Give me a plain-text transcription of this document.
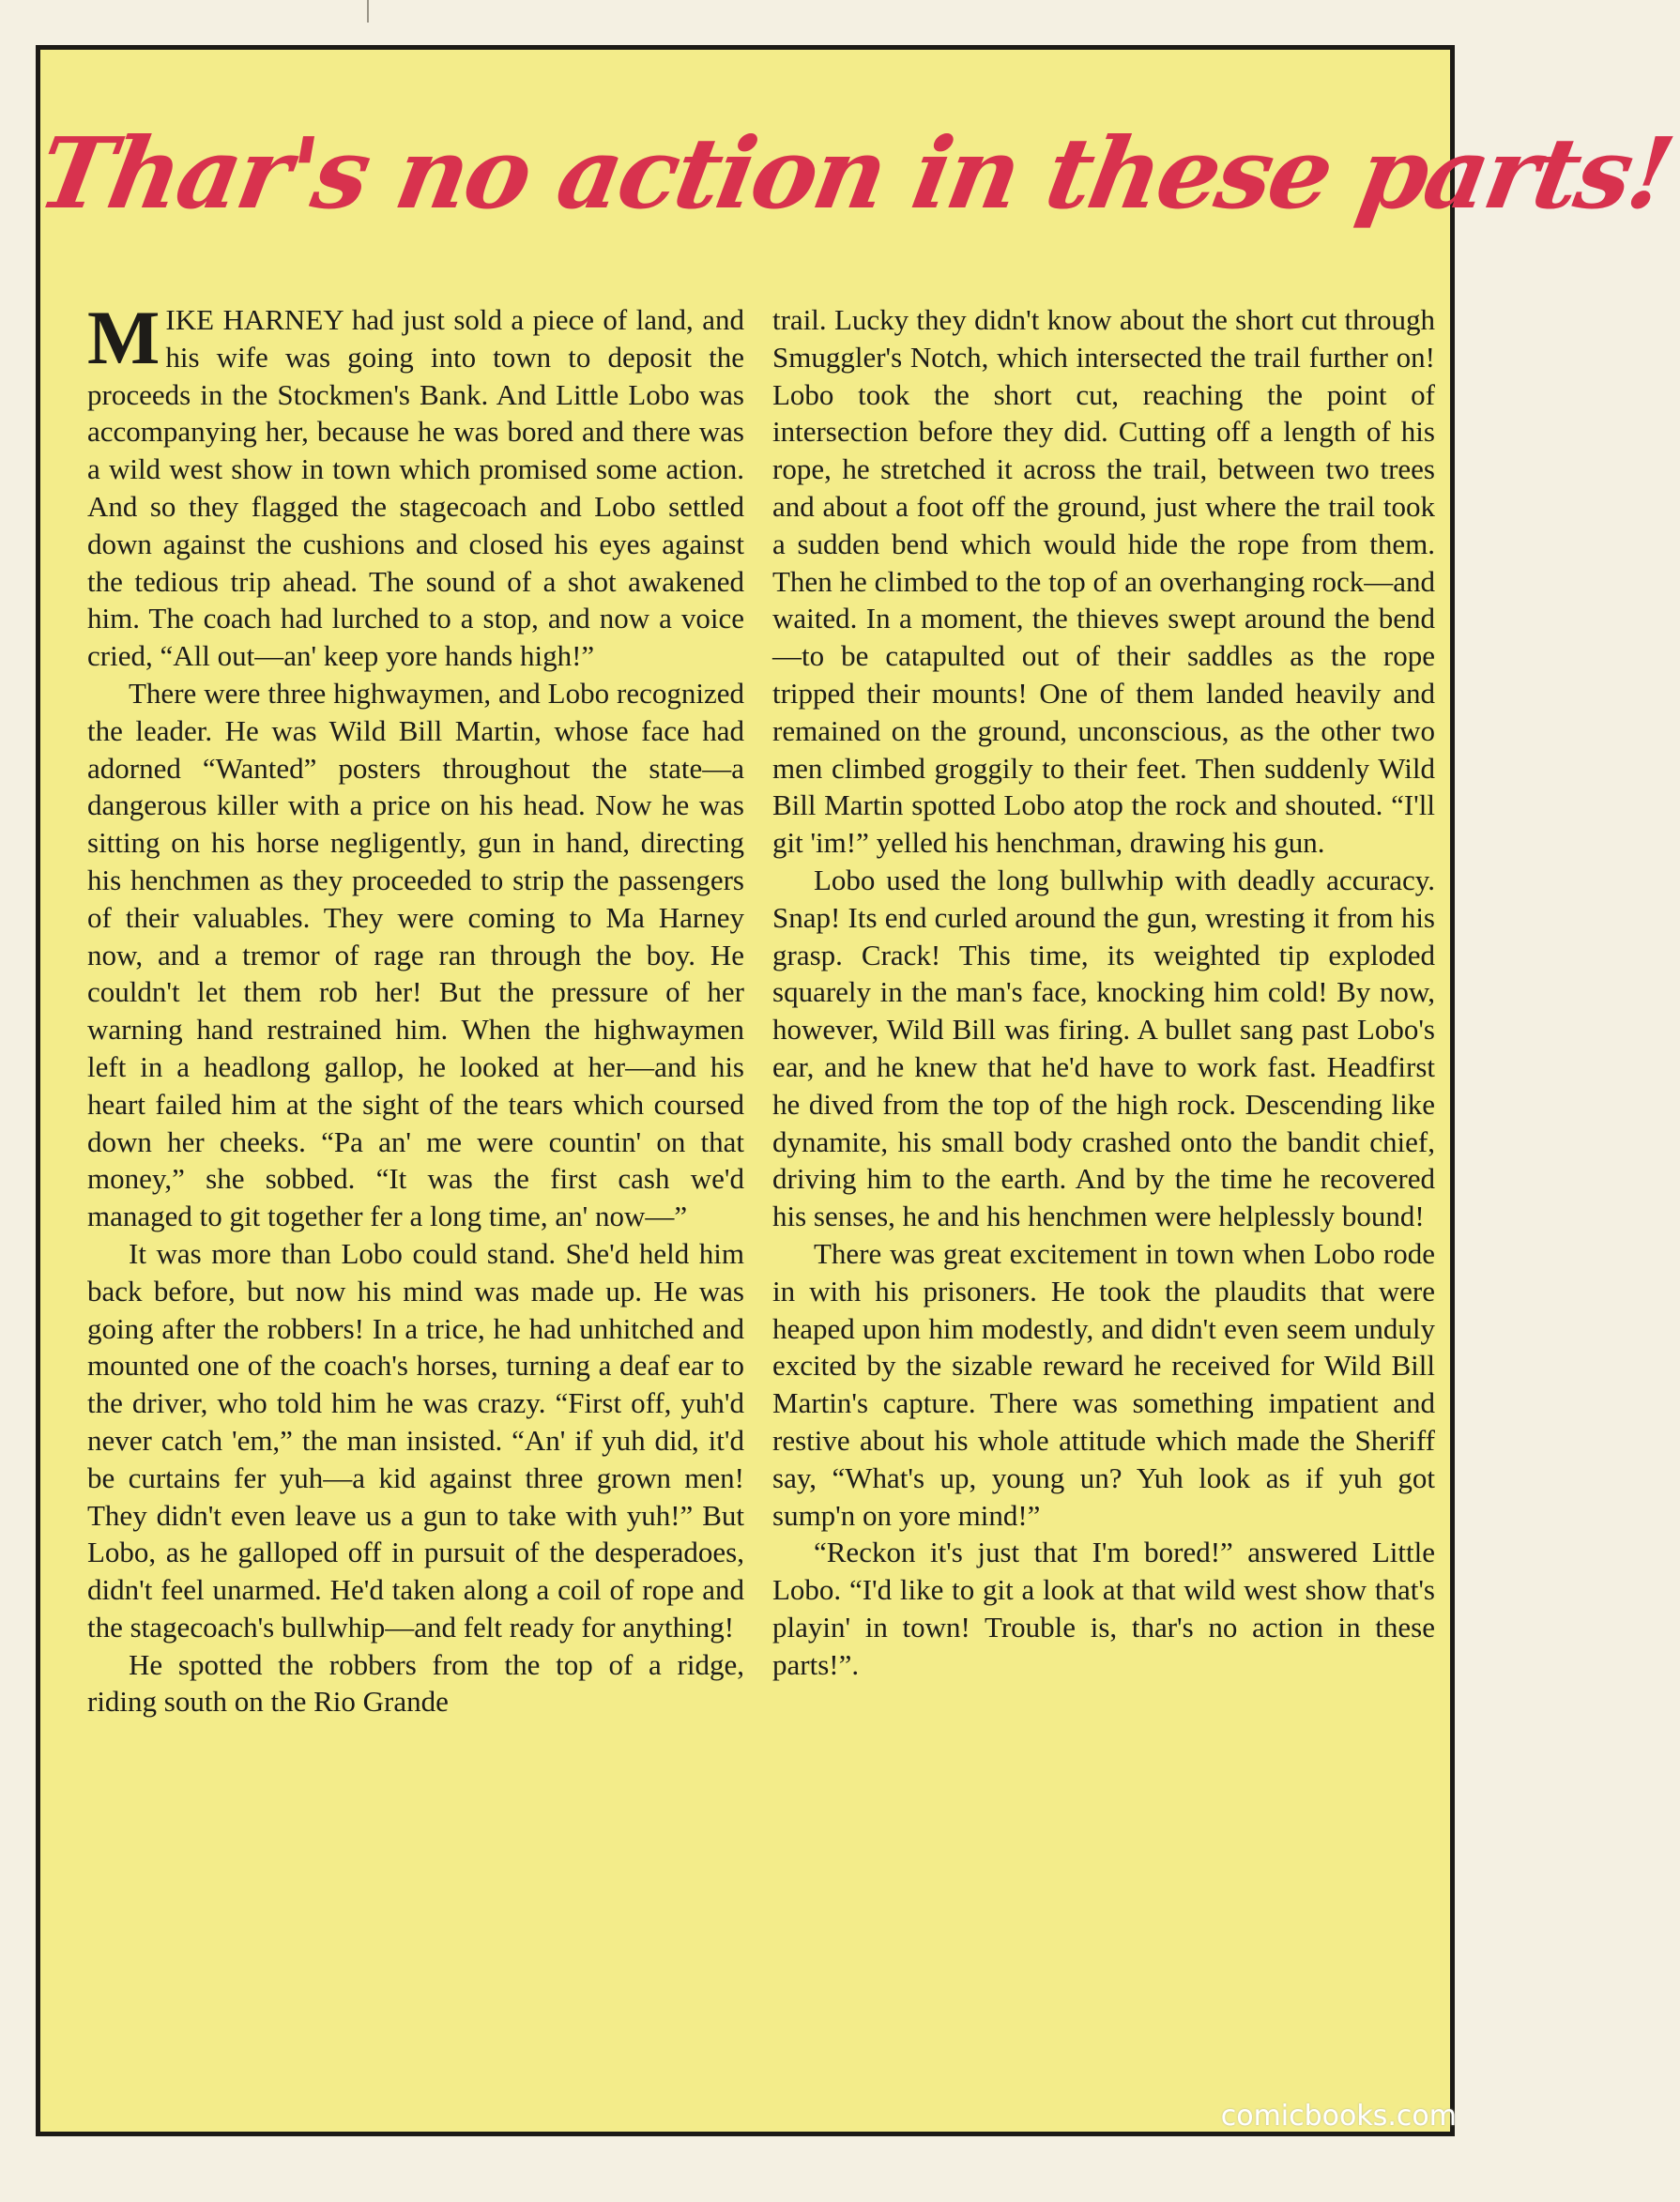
Thar's no action in these parts!

MIKE HARNEY had just sold a piece of land, and his wife was going into town to deposit the proceeds in the Stockmen's Bank. And Little Lobo was accompanying her, because he was bored and there was a wild west show in town which promised some action. And so they flagged the stagecoach and Lobo settled down against the cushions and closed his eyes against the tedious trip ahead. The sound of a shot awakened him. The coach had lurched to a stop, and now a voice cried, “All out—an' keep yore hands high!”

There were three highwaymen, and Lobo recognized the leader. He was Wild Bill Martin, whose face had adorned “Wanted” posters throughout the state—a dangerous killer with a price on his head. Now he was sitting on his horse negligently, gun in hand, directing his henchmen as they proceeded to strip the passengers of their valuables. They were coming to Ma Harney now, and a tremor of rage ran through the boy. He couldn't let them rob her! But the pressure of her warning hand restrained him. When the highwaymen left in a headlong gallop, he looked at her—and his heart failed him at the sight of the tears which coursed down her cheeks. “Pa an' me were countin' on that money,” she sobbed. “It was the first cash we'd managed to git together fer a long time, an' now—”

It was more than Lobo could stand. She'd held him back before, but now his mind was made up. He was going after the robbers! In a trice, he had unhitched and mounted one of the coach's horses, turning a deaf ear to the driver, who told him he was crazy. “First off, yuh'd never catch 'em,” the man insisted. “An' if yuh did, it'd be curtains fer yuh—a kid against three grown men! They didn't even leave us a gun to take with yuh!” But Lobo, as he galloped off in pursuit of the desperadoes, didn't feel unarmed. He'd taken along a coil of rope and the stagecoach's bullwhip—and felt ready for anything!

He spotted the robbers from the top of a ridge, riding south on the Rio Grande

trail. Lucky they didn't know about the short cut through Smuggler's Notch, which intersected the trail further on! Lobo took the short cut, reaching the point of intersection before they did. Cutting off a length of his rope, he stretched it across the trail, between two trees and about a foot off the ground, just where the trail took a sudden bend which would hide the rope from them. Then he climbed to the top of an overhanging rock—and waited. In a moment, the thieves swept around the bend—to be catapulted out of their saddles as the rope tripped their mounts! One of them landed heavily and remained on the ground, unconscious, as the other two men climbed groggily to their feet. Then suddenly Wild Bill Martin spotted Lobo atop the rock and shouted. “I'll git 'im!” yelled his henchman, drawing his gun.

Lobo used the long bullwhip with deadly accuracy. Snap! Its end curled around the gun, wresting it from his grasp. Crack! This time, its weighted tip exploded squarely in the man's face, knocking him cold! By now, however, Wild Bill was firing. A bullet sang past Lobo's ear, and he knew that he'd have to work fast. Headfirst he dived from the top of the high rock. Descending like dynamite, his small body crashed onto the bandit chief, driving him to the earth. And by the time he recovered his senses, he and his henchmen were helplessly bound!

There was great excitement in town when Lobo rode in with his prisoners. He took the plaudits that were heaped upon him modestly, and didn't even seem unduly excited by the sizable reward he received for Wild Bill Martin's capture. There was something impatient and restive about his whole attitude which made the Sheriff say, “What's up, young un? Yuh look as if yuh got sump'n on yore mind!”

“Reckon it's just that I'm bored!” answered Little Lobo. “I'd like to git a look at that wild west show that's playin' in town! Trouble is, thar's no action in these parts!”.

comicbooks.com
